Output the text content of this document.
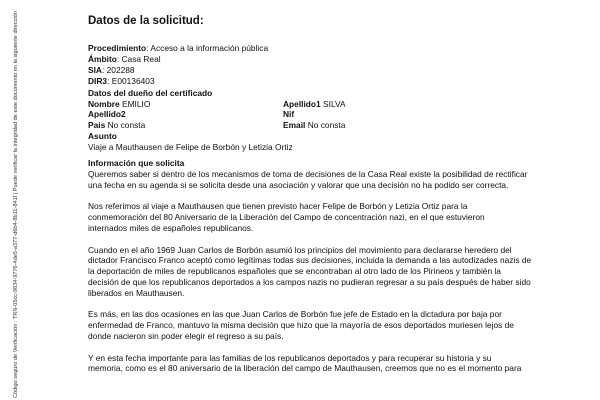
Código seguro de Verificación : TRN-05cc-9834-9776-4de5-a377-d6b4-8b11-841f | Puede verificar la integridad de este documento en la siguiente dirección	Datos de la solicitud:
Procedimiento: Acceso a la información pública
Ámbito: Casa Real
SIA: 202288
DIR3: E00136403
Datos del dueño del certificado
Nombre EMILIO	Apellido1 SILVA
Apellido2	Nif
Pais No consta	Email No consta
Asunto
Viaje a Mauthausen de Felipe de Borbón y Letizia Ortiz
Información que solicita
Queremos saber si dentro de los mecanismos de toma de decisiones de la Casa Real existe la posibilidad de rectificar
una fecha en su agenda si se solicita desde una asociación y valorar que una decisión no ha podido ser correcta.
Nos referimos al viaje a Mauthausen que tienen previsto hacer Felipe de Borbón y Letizia Ortiz para la
conmemoración del 80 Aniversario de la Liberación del Campo de concentración nazi, en el que estuvieron
internados miles de españoles republicanos.
Cuando en el año 1969 Juan Carlos de Borbón asumió los principios del movimiento para declararse heredero del
dictador Francisco Franco aceptó como legítimas todas sus decisiones, incluida la demanda a las autodizades nazis de
la deportación de miles de republicanos españoles que se encontraban al otro lado de los Pirineos y también la
decisión de que los republicanos deportados a los campos nazis no pudieran regresar a su país después de haber sido
liberados en Mauthausen.
Es más, en las dos ocasiones en las que Juan Carlos de Borbón fue jefe de Estado en la dictadura por baja por
enfermedad de Franco, mantuvo la misma decisión que hizo que la mayoría de esos deportados muriesen lejos de
donde nacieron sin poder elegir el regreso a su país.
Y en esta fecha importante para las familias de los republicanos deportados y para recuperar su historia y su
memoria, como es el 80 aniversario de la liberación del campo de Mauthausen, creemos que no es el momento para
